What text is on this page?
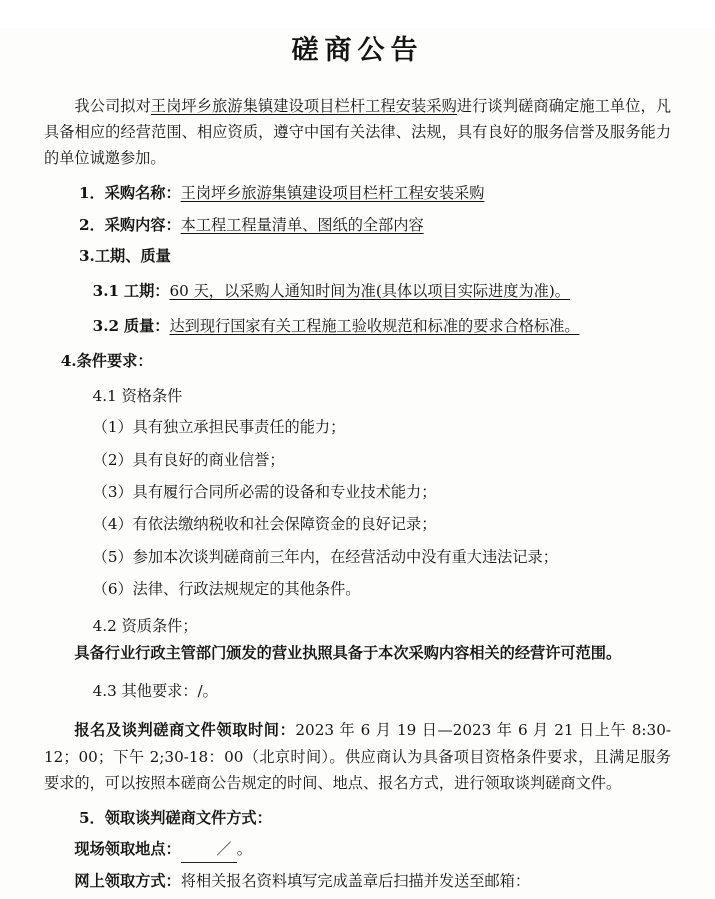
磋商公告

我公司拟对王岗坪乡旅游集镇建设项目栏杆工程安装采购进行谈判磋商确定施工单位，凡具备相应的经营范围、相应资质，遵守中国有关法律、法规，具有良好的服务信誉及服务能力的单位诚邀参加。

1．采购名称：王岗坪乡旅游集镇建设项目栏杆工程安装采购

2．采购内容：本工程工程量清单、图纸的全部内容

3.工期、质量

3.1 工期：60 天，以采购人通知时间为准(具体以项目实际进度为准)。

3.2 质量：达到现行国家有关工程施工验收规范和标准的要求合格标准。

4.条件要求：

4.1 资格条件

（1）具有独立承担民事责任的能力；

（2）具有良好的商业信誉；

（3）具有履行合同所必需的设备和专业技术能力；

（4）有依法缴纳税收和社会保障资金的良好记录；

（5）参加本次谈判磋商前三年内，在经营活动中没有重大违法记录；

（6）法律、行政法规规定的其他条件。

4.2 资质条件；

具备行业行政主管部门颁发的营业执照具备于本次采购内容相关的经营许可范围。

4.3 其他要求：/。

报名及谈判磋商文件领取时间：2023 年 6 月 19 日—2023 年 6 月 21 日上午 8:30-12；00；下午 2;30-18：00（北京时间）。供应商认为具备项目资格条件要求，且满足服务要求的，可以按照本磋商公告规定的时间、地点、报名方式，进行领取谈判磋商文件。

5．领取谈判磋商文件方式：

现场领取地点： ／ 。

网上领取方式：将相关报名资料填写完成盖章后扫描并发送至邮箱：
